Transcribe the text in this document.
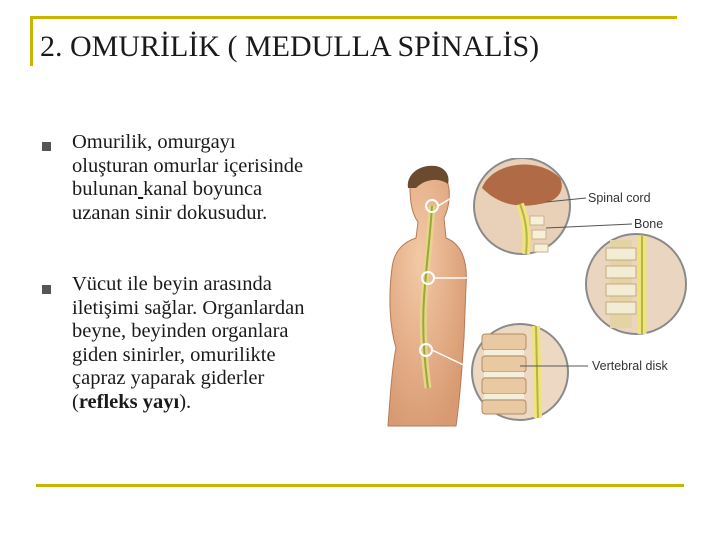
2. OMURİLİK ( MEDULLA SPİNALİS)
Omurilik, omurgayı
oluşturan omurlar içerisinde
bulunan kanal boyunca
uzanan sinir dokusudur.
Vücut ile beyin arasında
iletişimi sağlar. Organlardan
beyne, beyinden organlara
giden sinirler, omurilikte
çapraz yaparak giderler
(refleks yayı).
Spinal cord
Bone
Vertebral disk
